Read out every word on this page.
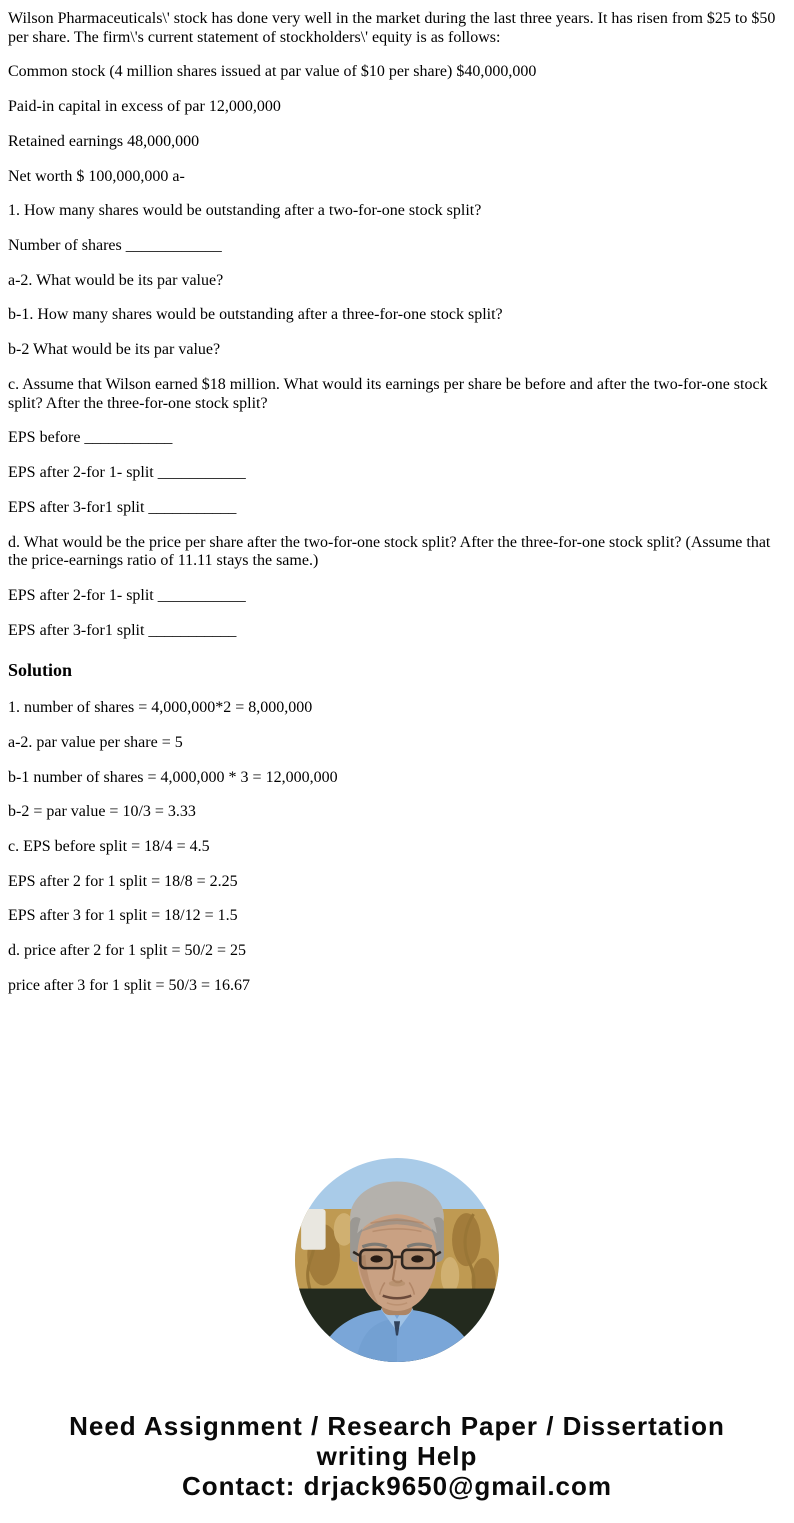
Wilson Pharmaceuticals\' stock has done very well in the market during the last three years. It has risen from $25 to $50 per share. The firm\'s current statement of stockholders\' equity is as follows:

Common stock (4 million shares issued at par value of $10 per share) $40,000,000

Paid-in capital in excess of par 12,000,000

Retained earnings 48,000,000

Net worth $ 100,000,000 a-

1. How many shares would be outstanding after a two-for-one stock split?

Number of shares ____________

a-2. What would be its par value?

b-1. How many shares would be outstanding after a three-for-one stock split?

b-2 What would be its par value?

c. Assume that Wilson earned $18 million. What would its earnings per share be before and after the two-for-one stock split? After the three-for-one stock split?

EPS before ___________

EPS after 2-for 1- split ___________

EPS after 3-for1 split ___________

d. What would be the price per share after the two-for-one stock split? After the three-for-one stock split? (Assume that the price-earnings ratio of 11.11 stays the same.)

EPS after 2-for 1- split ___________

EPS after 3-for1 split ___________

Solution

1. number of shares = 4,000,000*2 = 8,000,000

a-2. par value per share = 5

b-1 number of shares = 4,000,000 * 3 = 12,000,000

b-2 = par value = 10/3 = 3.33

c. EPS before split = 18/4 = 4.5

EPS after 2 for 1 split = 18/8 = 2.25

EPS after 3 for 1 split = 18/12 = 1.5

d. price after 2 for 1 split = 50/2 = 25

price after 3 for 1 split = 50/3 = 16.67

Need Assignment / Research Paper / Dissertation
writing Help
Contact: drjack9650@gmail.com
